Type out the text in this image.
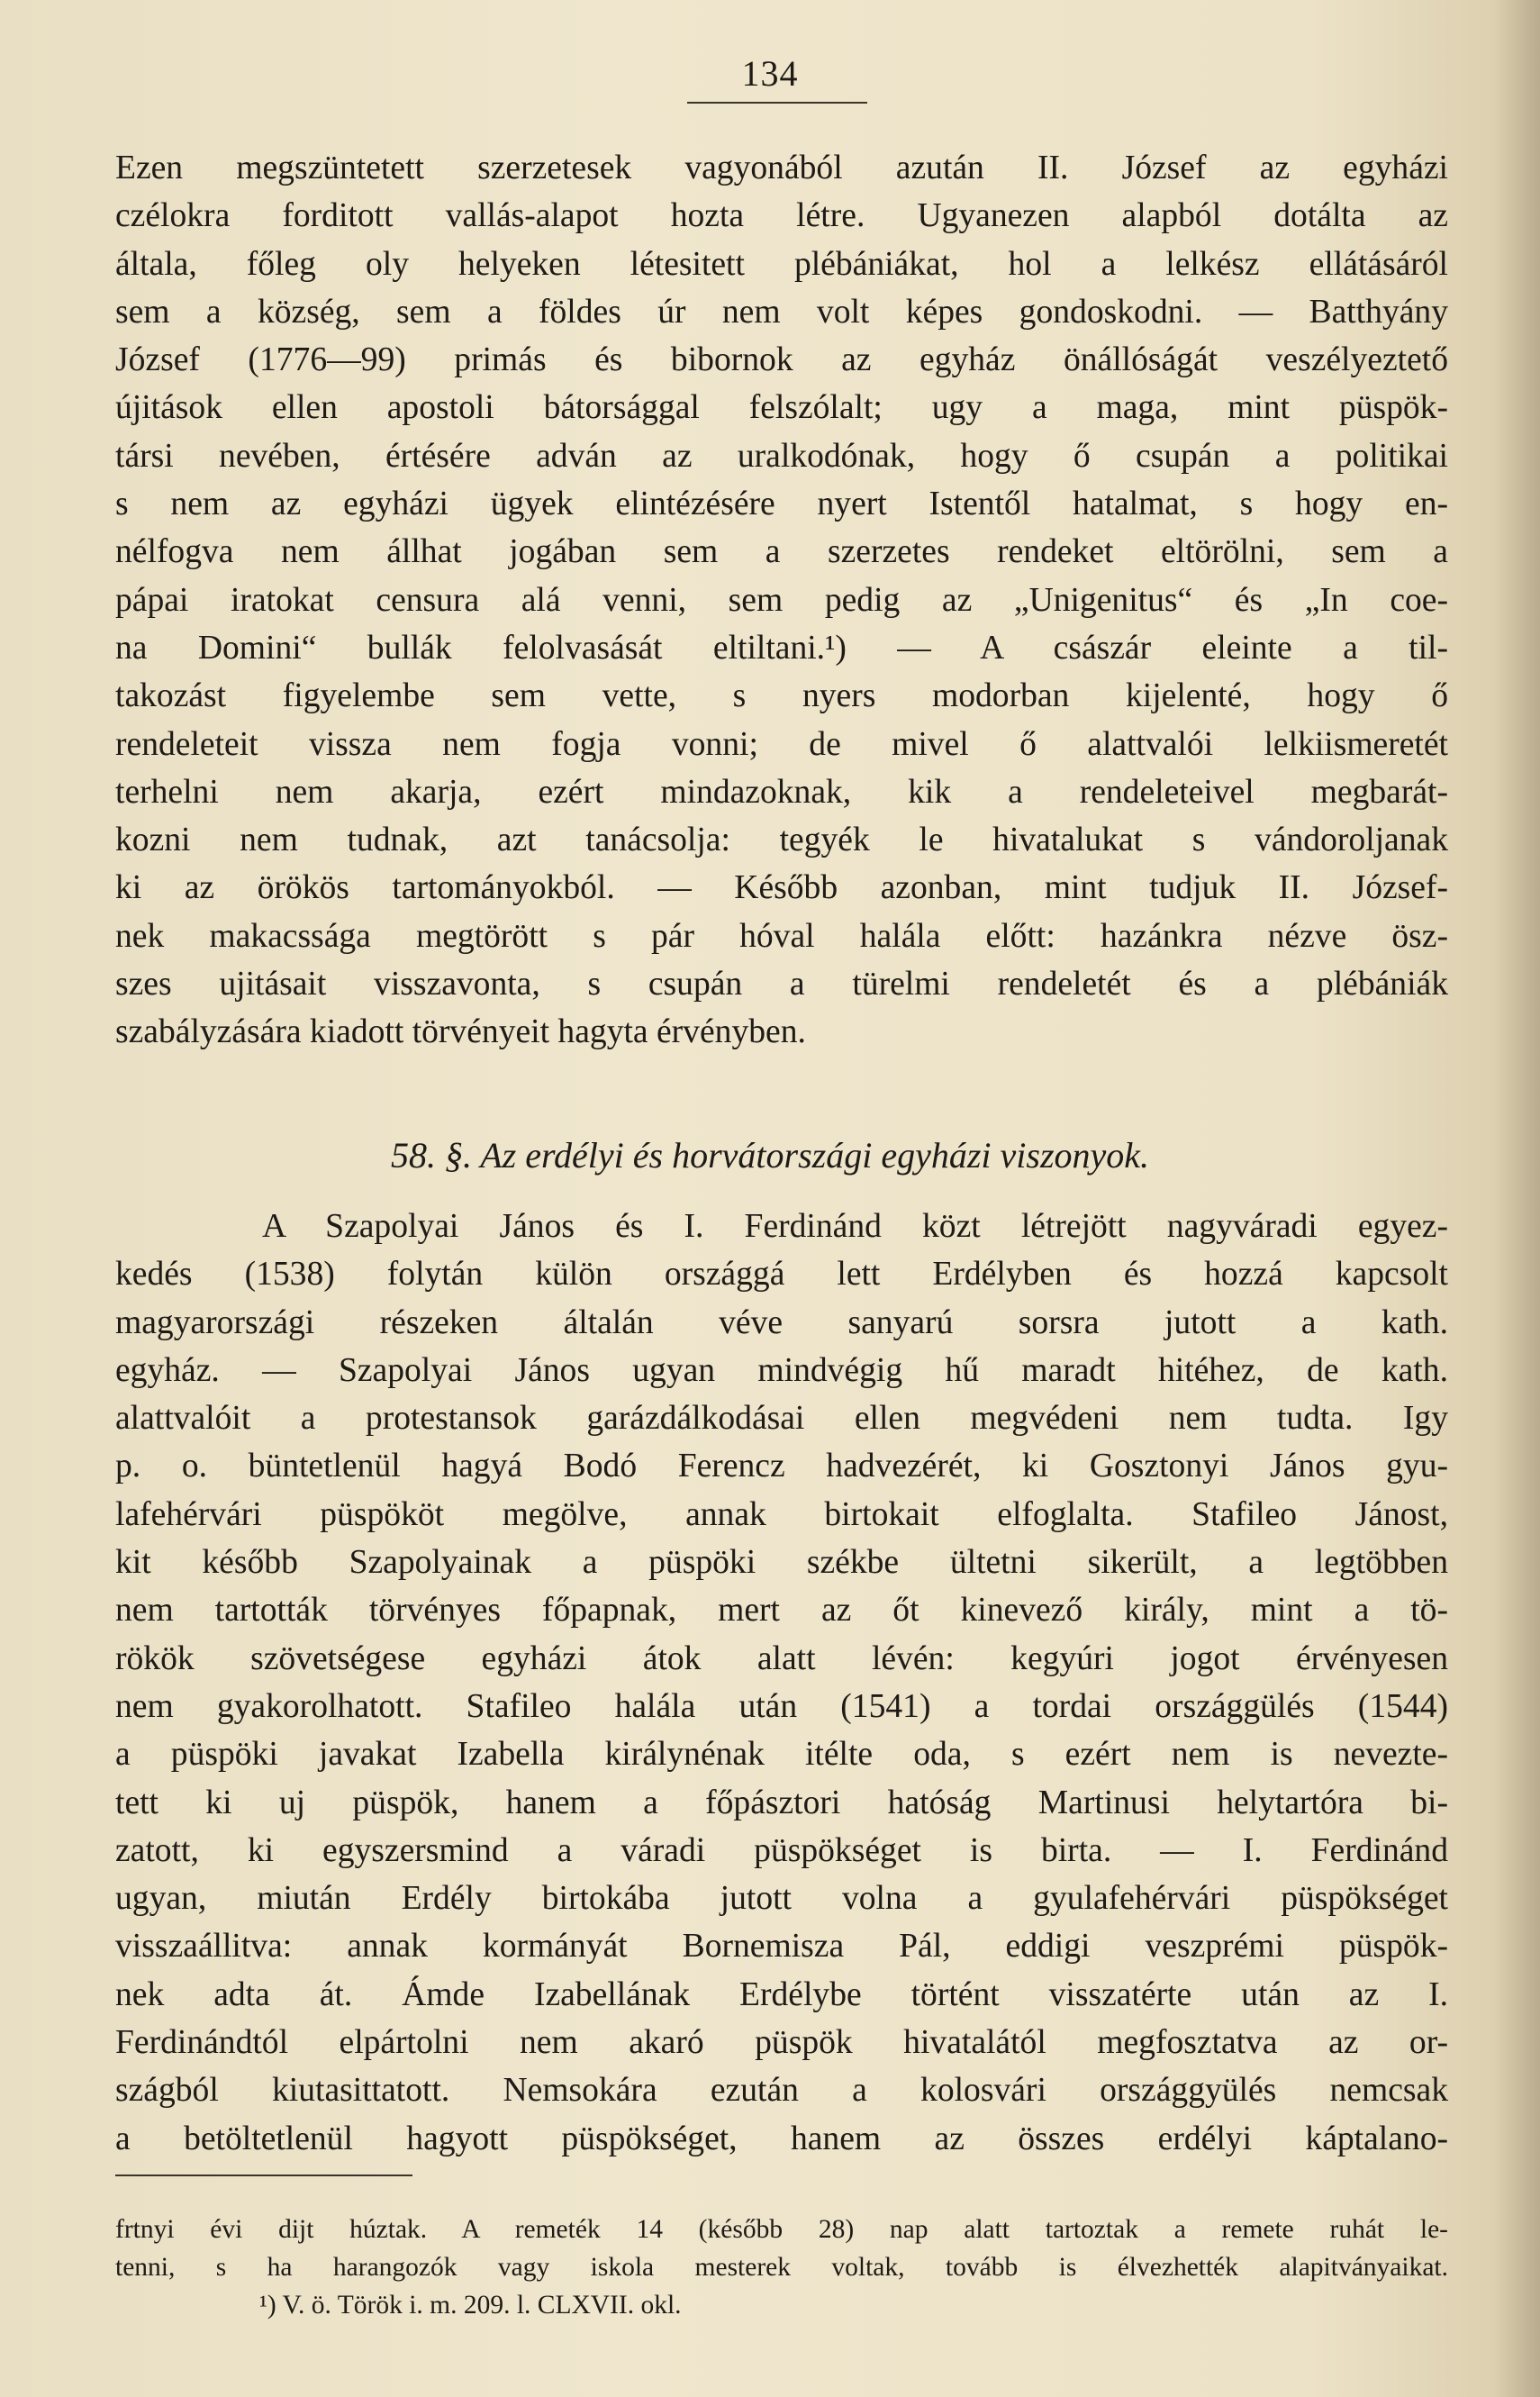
134
Ezen megszüntetett szerzetesek vagyonából azután II. József az egyházi
czélokra forditott vallás-alapot hozta létre. Ugyanezen alapból dotálta az
általa, főleg oly helyeken létesitett plébániákat, hol a lelkész ellátásáról
sem a község, sem a földes úr nem volt képes gondoskodni. — Batthyány
József (1776—99) primás és bibornok az egyház önállóságát veszélyeztető
újitások ellen apostoli bátorsággal felszólalt; ugy a maga, mint püspök-
társi nevében, értésére adván az uralkodónak, hogy ő csupán a politikai
s nem az egyházi ügyek elintézésére nyert Istentől hatalmat, s hogy en-
nélfogva nem állhat jogában sem a szerzetes rendeket eltörölni, sem a
pápai iratokat censura alá venni, sem pedig az „Unigenitus“ és „In coe-
na Domini“ bullák felolvasását eltiltani.¹) — A császár eleinte a til-
takozást figyelembe sem vette, s nyers modorban kijelenté, hogy ő
rendeleteit vissza nem fogja vonni; de mivel ő alattvalói lelkiismeretét
terhelni nem akarja, ezért mindazoknak, kik a rendeleteivel megbarát-
kozni nem tudnak, azt tanácsolja: tegyék le hivatalukat s vándoroljanak
ki az örökös tartományokból. — Később azonban, mint tudjuk II. József-
nek makacssága megtörött s pár hóval halála előtt: hazánkra nézve ösz-
szes ujitásait visszavonta, s csupán a türelmi rendeletét és a plébániák
szabályzására kiadott törvényeit hagyta érvényben.
58. §. Az erdélyi és horvátországi egyházi viszonyok.
A Szapolyai János és I. Ferdinánd közt létrejött nagyváradi egyez-
kedés (1538) folytán külön országgá lett Erdélyben és hozzá kapcsolt
magyarországi részeken általán véve sanyarú sorsra jutott a kath.
egyház. — Szapolyai János ugyan mindvégig hű maradt hitéhez, de kath.
alattvalóit a protestansok garázdálkodásai ellen megvédeni nem tudta. Igy
p. o. büntetlenül hagyá Bodó Ferencz hadvezérét, ki Gosztonyi János gyu-
lafehérvári püspököt megölve, annak birtokait elfoglalta. Stafileo Jánost,
kit később Szapolyainak a püspöki székbe ültetni sikerült, a legtöbben
nem tartották törvényes főpapnak, mert az őt kinevező király, mint a tö-
rökök szövetségese egyházi átok alatt lévén: kegyúri jogot érvényesen
nem gyakorolhatott. Stafileo halála után (1541) a tordai országgülés (1544)
a püspöki javakat Izabella királynénak itélte oda, s ezért nem is nevezte-
tett ki uj püspök, hanem a főpásztori hatóság Martinusi helytartóra bi-
zatott, ki egyszersmind a váradi püspökséget is birta. — I. Ferdinánd
ugyan, miután Erdély birtokába jutott volna a gyulafehérvári püspökséget
visszaállitva: annak kormányát Bornemisza Pál, eddigi veszprémi püspök-
nek adta át. Ámde Izabellának Erdélybe történt visszatérte után az I.
Ferdinándtól elpártolni nem akaró püspök hivatalától megfosztatva az or-
szágból kiutasittatott. Nemsokára ezután a kolosvári országgyülés nemcsak
a betöltetlenül hagyott püspökséget, hanem az összes erdélyi káptalano-
frtnyi évi dijt húztak. A remeték 14 (később 28) nap alatt tartoztak a remete ruhát le-
tenni, s ha harangozók vagy iskola mesterek voltak, tovább is élvezhették alapitványaikat.
¹) V. ö. Török i. m. 209. l. CLXVII. okl.
